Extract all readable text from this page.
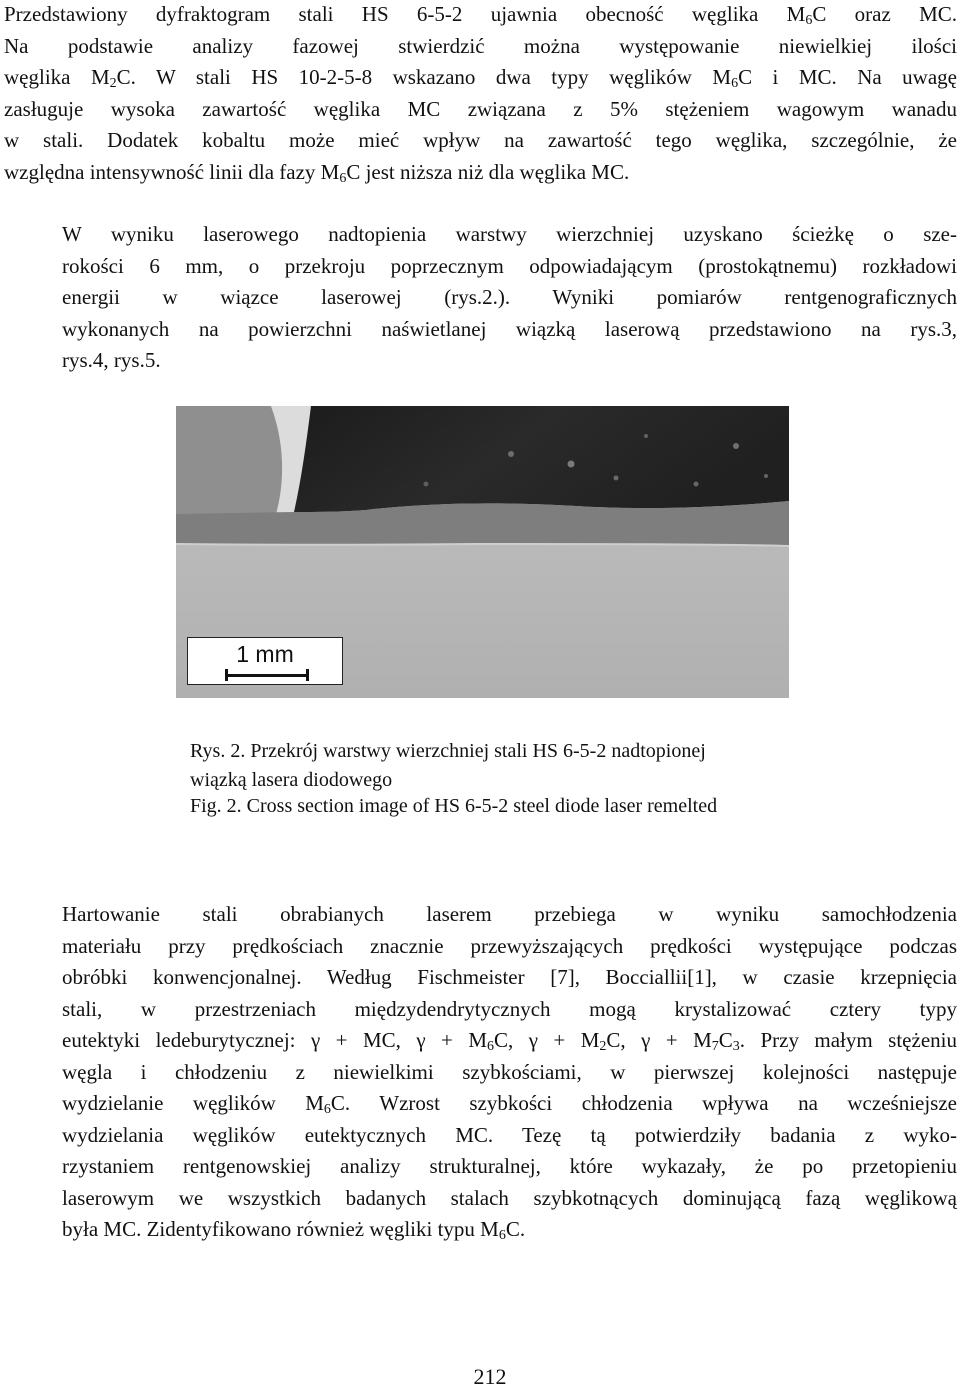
Przedstawiony dyfraktogram stali HS 6-5-2 ujawnia obecność węglika $M_6C$ oraz MC.
Na podstawie analizy fazowej stwierdzić można występowanie niewielkiej ilości
węglika $M_2C$. W stali HS 10-2-5-8 wskazano dwa typy węglików $M_6C$ i MC. Na uwagę
zasługuje wysoka zawartość węglika MC związana z 5% stężeniem wagowym wanadu
w stali. Dodatek kobaltu może mieć wpływ na zawartość tego węglika, szczególnie, że
względna intensywność linii dla fazy $M_6C$ jest niższa niż dla węglika MC.

W wyniku laserowego nadtopienia warstwy wierzchniej uzyskano ścieżkę o sze-
rokości 6 mm, o przekroju poprzecznym odpowiadającym (prostokątnemu) rozkładowi
energii w wiązce laserowej (rys.2.). Wyniki pomiarów rentgenograficznych
wykonanych na powierzchni naświetlanej wiązką laserową przedstawiono na rys.3,
rys.4, rys.5.

1 mm

Rys. 2. Przekrój warstwy wierzchniej stali HS 6-5-2 nadtopionej wiązką lasera diodowego

Fig. 2. Cross section image of HS 6-5-2 steel diode laser remelted

Hartowanie stali obrabianych laserem przebiega w wyniku samochłodzenia
materiału przy prędkościach znacznie przewyższających prędkości występujące podczas
obróbki konwencjonalnej. Według Fischmeister [7], Bocciallii[1], w czasie krzepnięcia
stali, w przestrzeniach międzydendrytycznych mogą krystalizować cztery typy
eutektyki ledeburytycznej: γ + MC, $\gamma + M_6C$, $\gamma + M_2C$, $\gamma + M_7C_3$. Przy małym stężeniu
węgla i chłodzeniu z niewielkimi szybkościami, w pierwszej kolejności następuje
wydzielanie węglików $M_6C$. Wzrost szybkości chłodzenia wpływa na wcześniejsze
wydzielania węglików eutektycznych MC. Tezę tą potwierdziły badania z wyko-
rzystaniem rentgenowskiej analizy strukturalnej, które wykazały, że po przetopieniu
laserowym we wszystkich badanych stalach szybkotnących dominującą fazą węglikową
była MC. Zidentyfikowano również węgliki typu $M_6C$.

212
